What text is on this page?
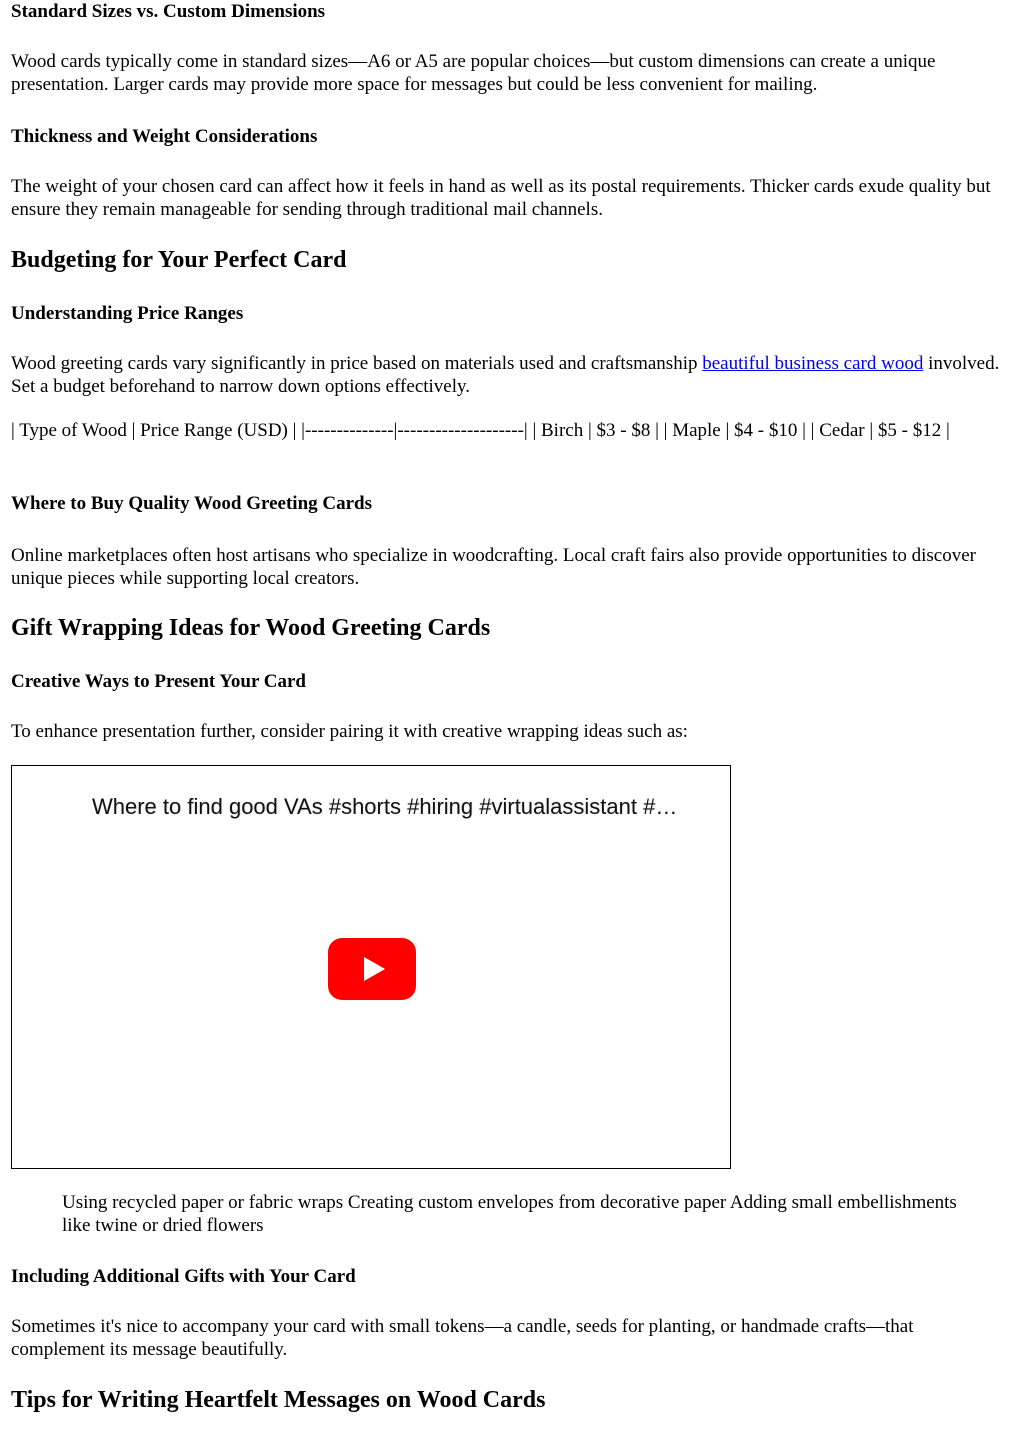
Standard Sizes vs. Custom Dimensions

Wood cards typically come in standard sizes—A6 or A5 are popular choices—but custom dimensions can create a unique presentation. Larger cards may provide more space for messages but could be less convenient for mailing.

Thickness and Weight Considerations

The weight of your chosen card can affect how it feels in hand as well as its postal requirements. Thicker cards exude quality but ensure they remain manageable for sending through traditional mail channels.

Budgeting for Your Perfect Card
Understanding Price Ranges

Wood greeting cards vary significantly in price based on materials used and craftsmanship beautiful business card wood involved. Set a budget beforehand to narrow down options effectively.

| Type of Wood | Price Range (USD) | |--------------|--------------------| | Birch | $3 - $8 | | Maple | $4 - $10 | | Cedar | $5 - $12 |

Where to Buy Quality Wood Greeting Cards

Online marketplaces often host artisans who specialize in woodcrafting. Local craft fairs also provide opportunities to discover unique pieces while supporting local creators.

Gift Wrapping Ideas for Wood Greeting Cards
Creative Ways to Present Your Card

To enhance presentation further, consider pairing it with creative wrapping ideas such as:

Where to find good VAs #shorts #hiring #virtualassistant #…

Using recycled paper or fabric wraps Creating custom envelopes from decorative paper Adding small embellishments like twine or dried flowers

Including Additional Gifts with Your Card

Sometimes it's nice to accompany your card with small tokens—a candle, seeds for planting, or handmade crafts—that complement its message beautifully.

Tips for Writing Heartfelt Messages on Wood Cards
